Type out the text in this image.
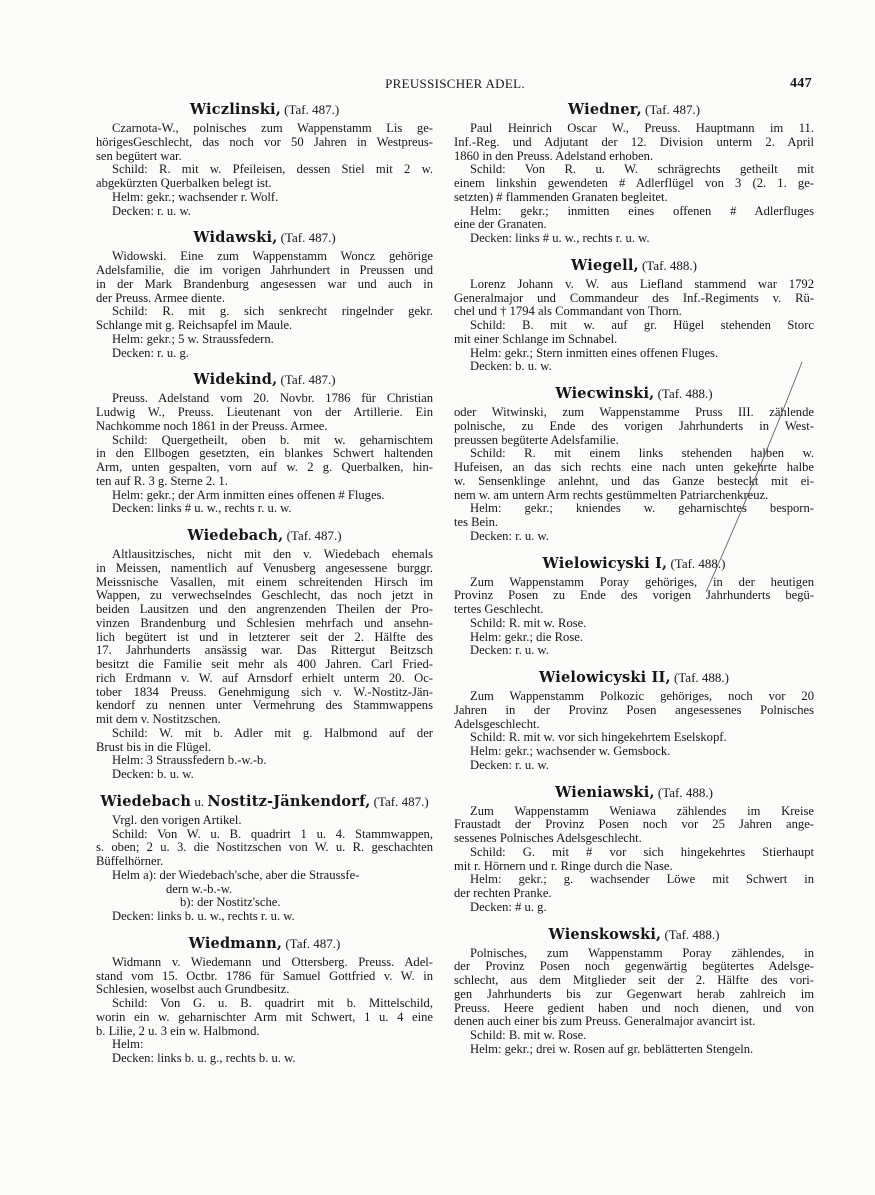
PREUSSISCHER ADEL.	447
Wiczlinski, (Taf. 487.)
Czarnota-W., polnisches zum Wappenstamm Lis ge-
hörigesGeschlecht, das noch vor 50 Jahren in Westpreus-
sen begütert war.
Schild: R. mit w. Pfeileisen, dessen Stiel mit 2 w.
abgekürzten Querbalken belegt ist.
Helm: gekr.; wachsender r. Wolf.
Decken: r. u. w.
Widawski, (Taf. 487.)
Widowski. Eine zum Wappenstamm Woncz gehörige
Adelsfamilie, die im vorigen Jahrhundert in Preussen und
in der Mark Brandenburg angesessen war und auch in
der Preuss. Armee diente.
Schild: R. mit g. sich senkrecht ringelnder gekr.
Schlange mit g. Reichsapfel im Maule.
Helm: gekr.; 5 w. Straussfedern.
Decken: r. u. g.
Widekind, (Taf. 487.)
Preuss. Adelstand vom 20. Novbr. 1786 für Christian
Ludwig W., Preuss. Lieutenant von der Artillerie. Ein
Nachkomme noch 1861 in der Preuss. Armee.
Schild: Quergetheilt, oben b. mit w. geharnischtem
in den Ellbogen gesetzten, ein blankes Schwert haltenden
Arm, unten gespalten, vorn auf w. 2 g. Querbalken, hin-
ten auf R. 3 g. Sterne 2. 1.
Helm: gekr.; der Arm inmitten eines offenen # Fluges.
Decken: links # u. w., rechts r. u. w.
Wiedebach, (Taf. 487.)
Altlausitzisches, nicht mit den v. Wiedebach ehemals
in Meissen, namentlich auf Venusberg angesessene burggr.
Meissnische Vasallen, mit einem schreitenden Hirsch im
Wappen, zu verwechselndes Geschlecht, das noch jetzt in
beiden Lausitzen und den angrenzenden Theilen der Pro-
vinzen Brandenburg und Schlesien mehrfach und ansehn-
lich begütert ist und in letzterer seit der 2. Hälfte des
17. Jahrhunderts ansässig war. Das Rittergut Beitzsch
besitzt die Familie seit mehr als 400 Jahren. Carl Fried-
rich Erdmann v. W. auf Arnsdorf erhielt unterm 20. Oc-
tober 1834 Preuss. Genehmigung sich v. W.-Nostitz-Jän-
kendorf zu nennen unter Vermehrung des Stammwappens
mit dem v. Nostitzschen.
Schild: W. mit b. Adler mit g. Halbmond auf der
Brust bis in die Flügel.
Helm: 3 Straussfedern b.-w.-b.
Decken: b. u. w.
Wiedebach u. Nostitz-Jänkendorf, (Taf. 487.)
Vrgl. den vorigen Artikel.
Schild: Von W. u. B. quadrirt 1 u. 4. Stammwappen,
s. oben; 2 u. 3. die Nostitzschen von W. u. R. geschachten
Büffelhörner.
Helm a): der Wiedebach'sche, aber die Straussfe-
dern w.-b.-w.
b): der Nostitz'sche.
Decken: links b. u. w., rechts r. u. w.
Wiedmann, (Taf. 487.)
Widmann v. Wiedemann und Ottersberg. Preuss. Adel-
stand vom 15. Octbr. 1786 für Samuel Gottfried v. W. in
Schlesien, woselbst auch Grundbesitz.
Schild: Von G. u. B. quadrirt mit b. Mittelschild,
worin ein w. geharnischter Arm mit Schwert, 1 u. 4 eine
b. Lilie, 2 u. 3 ein w. Halbmond.
Helm:
Decken: links b. u. g., rechts b. u. w.
Wiedner, (Taf. 487.)
Paul Heinrich Oscar W., Preuss. Hauptmann im 11.
Inf.-Reg. und Adjutant der 12. Division unterm 2. April
1860 in den Preuss. Adelstand erhoben.
Schild: Von R. u. W. schrägrechts getheilt mit
einem linkshin gewendeten # Adlerflügel von 3 (2. 1. ge-
setzten) # flammenden Granaten begleitet.
Helm: gekr.; inmitten eines offenen # Adlerfluges
eine der Granaten.
Decken: links # u. w., rechts r. u. w.
Wiegell, (Taf. 488.)
Lorenz Johann v. W. aus Liefland stammend war 1792
Generalmajor und Commandeur des Inf.-Regiments v. Rü-
chel und † 1794 als Commandant von Thorn.
Schild: B. mit w. auf gr. Hügel stehenden Storc
mit einer Schlange im Schnabel.
Helm: gekr.; Stern inmitten eines offenen Fluges.
Decken: b. u. w.
Wiecwinski, (Taf. 488.)
oder Witwinski, zum Wappenstamme Pruss III. zählende
polnische, zu Ende des vorigen Jahrhunderts in West-
preussen begüterte Adelsfamilie.
Schild: R. mit einem links stehenden halben w.
Hufeisen, an das sich rechts eine nach unten gekehrte halbe
w. Sensenklinge anlehnt, und das Ganze besteckt mit ei-
nem w. am untern Arm rechts gestümmelten Patriarchenkreuz.
Helm: gekr.; kniendes w. geharnischtes besporn-
tes Bein.
Decken: r. u. w.
Wielowicyski I, (Taf. 488.)
Zum Wappenstamm Poray gehöriges, in der heutigen
Provinz Posen zu Ende des vorigen Jahrhunderts begü-
tertes Geschlecht.
Schild: R. mit w. Rose.
Helm: gekr.; die Rose.
Decken: r. u. w.
Wielowicyski II, (Taf. 488.)
Zum Wappenstamm Polkozic gehöriges, noch vor 20
Jahren in der Provinz Posen angesessenes Polnisches
Adelsgeschlecht.
Schild: R. mit w. vor sich hingekehrtem Eselskopf.
Helm: gekr.; wachsender w. Gemsbock.
Decken: r. u. w.
Wieniawski, (Taf. 488.)
Zum Wappenstamm Weniawa zählendes im Kreise
Fraustadt der Provinz Posen noch vor 25 Jahren ange-
sessenes Polnisches Adelsgeschlecht.
Schild: G. mit # vor sich hingekehrtes Stierhaupt
mit r. Hörnern und r. Ringe durch die Nase.
Helm: gekr.; g. wachsender Löwe mit Schwert in
der rechten Pranke.
Decken: # u. g.
Wienskowski, (Taf. 488.)
Polnisches, zum Wappenstamm Poray zählendes, in
der Provinz Posen noch gegenwärtig begütertes Adelsge-
schlecht, aus dem Mitglieder seit der 2. Hälfte des vori-
gen Jahrhunderts bis zur Gegenwart herab zahlreich im
Preuss. Heere gedient haben und noch dienen, und von
denen auch einer bis zum Preuss. Generalmajor avancirt ist.
Schild: B. mit w. Rose.
Helm: gekr.; drei w. Rosen auf gr. beblätterten Stengeln.
